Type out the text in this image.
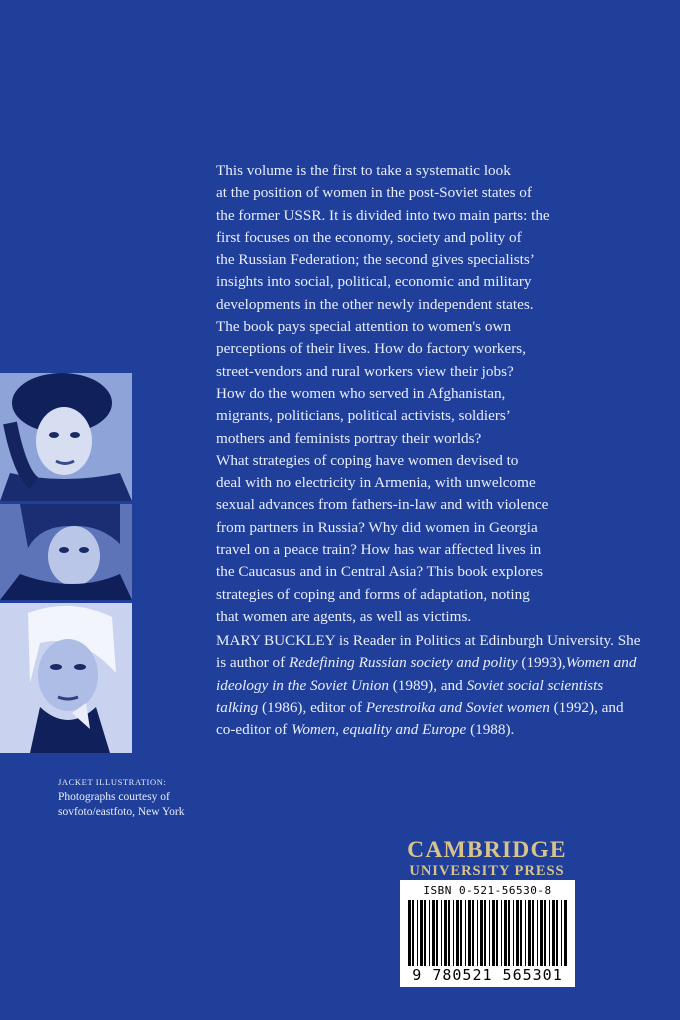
This volume is the first to take a systematic look

at the position of women in the post-Soviet states of

the former USSR. It is divided into two main parts: the

first focuses on the economy, society and polity of

the Russian Federation; the second gives specialists’

insights into social, political, economic and military

developments in the other newly independent states.

The book pays special attention to women's own

perceptions of their lives. How do factory workers,

street-vendors and rural workers view their jobs?

How do the women who served in Afghanistan,

migrants, politicians, political activists, soldiers’

mothers and feminists portray their worlds?

What strategies of coping have women devised to

deal with no electricity in Armenia, with unwelcome

sexual advances from fathers-in-law and with violence

from partners in Russia? Why did women in Georgia

travel on a peace train? How has war affected lives in

the Caucasus and in Central Asia? This book explores

strategies of coping and forms of adaptation, noting

that women are agents, as well as victims.

MARY BUCKLEY is Reader in Politics at Edinburgh University. She is author of Redefining Russian society and polity (1993),Women and ideology in the Soviet Union (1989), and Soviet social scientists talking (1986), editor of Perestroika and Soviet women (1992), and co-editor of Women, equality and Europe (1988).

JACKET ILLUSTRATION:
Photographs courtesy of
sovfoto/eastfoto, New York
CAMBRIDGE
UNIVERSITY PRESS
ISBN 0-521-56530-8
9 780521 565301
